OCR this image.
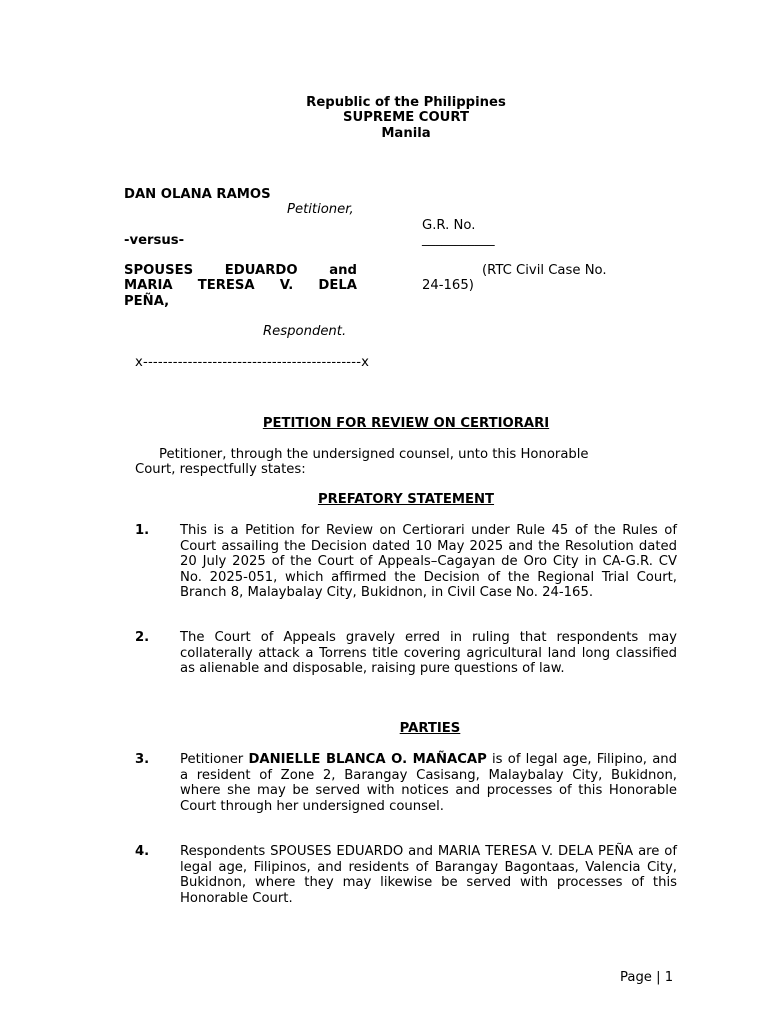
Republic of the Philippines
SUPREME COURT
Manila
DAN OLANA RAMOS
Petitioner,
-versus-
SPOUSES EDUARDO and
MARIA TERESA V. DELA
PEÑA,
Respondent.
G.R. No.
___________
(RTC Civil Case No.
24-165)
x--------------------------------------------x
PETITION FOR REVIEW ON CERTIORARI
Petitioner, through the undersigned counsel, unto this Honorable
Court, respectfully states:
PREFATORY STATEMENT
1. This is a Petition for Review on Certiorari under Rule 45 of the Rules of Court assailing the Decision dated 10 May 2025 and the Resolution dated 20 July 2025 of the Court of Appeals–Cagayan de Oro City in CA-G.R. CV No. 2025-051, which affirmed the Decision of the Regional Trial Court, Branch 8, Malaybalay City, Bukidnon, in Civil Case No. 24-165.
2. The Court of Appeals gravely erred in ruling that respondents may collaterally attack a Torrens title covering agricultural land long classified as alienable and disposable, raising pure questions of law.
PARTIES
3. Petitioner DANIELLE BLANCA O. MAÑACAP is of legal age, Filipino, and a resident of Zone 2, Barangay Casisang, Malaybalay City, Bukidnon, where she may be served with notices and processes of this Honorable Court through her undersigned counsel.
4. Respondents SPOUSES EDUARDO and MARIA TERESA V. DELA PEÑA are of legal age, Filipinos, and residents of Barangay Bagontaas, Valencia City, Bukidnon, where they may likewise be served with processes of this Honorable Court.
Page | 1
